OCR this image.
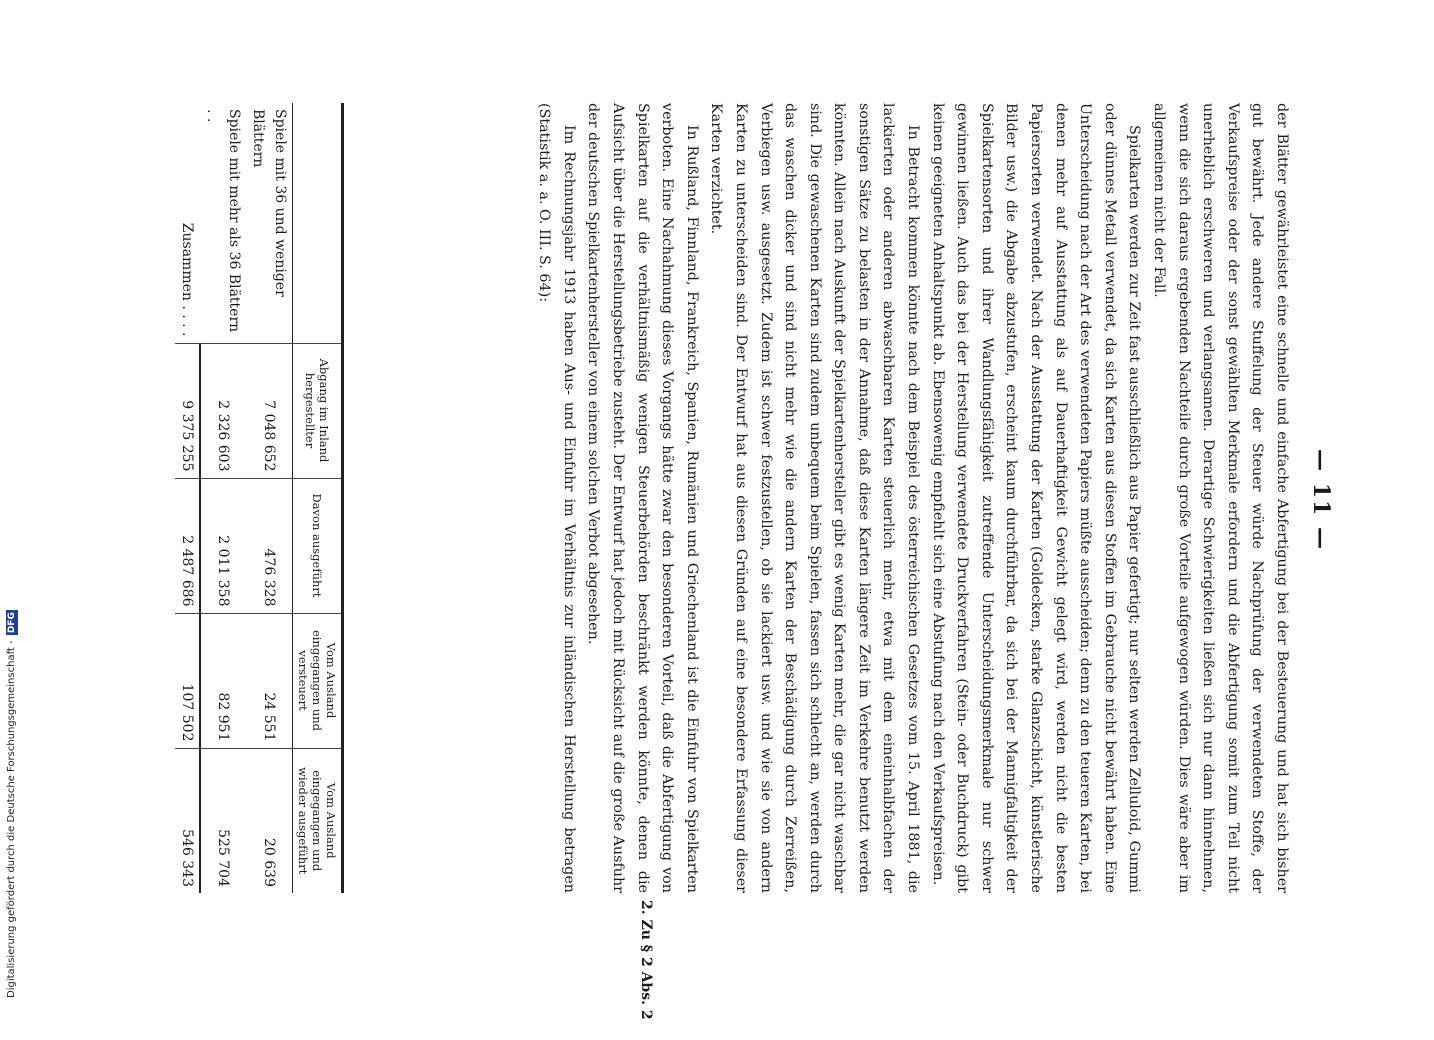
— 11 —

der Blätter gewährleistet eine schnelle und einfache Abfertigung bei der Besteuerung und hat sich bisher gut bewährt. Jede andere Stuffelung der Steuer würde Nachprüfung der verwendeten Stoffe, der Verkaufspreise oder der sonst gewählten Merkmale erfordern und die Abfertigung somit zum Teil nicht unerheblich erschweren und verlangsamen. Derartige Schwierigkeiten ließen sich nur dann hinnehmen, wenn die sich daraus ergebenden Nachteile durch große Vorteile aufgewogen würden. Dies wäre aber im allgemeinen nicht der Fall.

Spielkarten werden zur Zeit fast ausschließlich aus Papier gefertigt; nur selten werden Zelluloid, Gummi oder dünnes Metall verwendet, da sich Karten aus diesen Stoffen im Gebrauche nicht bewährt haben. Eine Unterscheidung nach der Art des verwendeten Papiers müßte ausscheiden; denn zu den teueren Karten, bei denen mehr auf Ausstattung als auf Dauerhaftigkeit Gewicht gelegt wird, werden nicht die besten Papiersorten verwendet. Nach der Ausstattung der Karten (Goldecken, starke Glanzschicht, künstlerische Bilder usw.) die Abgabe abzustufen, erscheint kaum durchführbar, da sich bei der Mannigfaltigkeit der Spielkartensorten und ihrer Wandlungsfähigkeit zutreffende Unterscheidungsmerkmale nur schwer gewinnen ließen. Auch das bei der Herstellung verwendete Druckverfahren (Stein- oder Buchdruck) gibt keinen geeigneten Anhaltspunkt ab. Ebensowenig empfiehlt sich eine Abstufung nach den Verkaufspreisen.

In Betracht kommen könnte nach dem Beispiel des österreichischen Gesetzes vom 15. April 1881, die lackierten oder anderen abwaschbaren Karten steuerlich mehr, etwa mit dem eineinhalbfachen der sonstigen Sätze zu belasten in der Annahme, daß diese Karten längere Zeit im Verkehre benutzt werden könnten. Allein nach Auskunft der Spielkartenhersteller gibt es wenig Karten mehr, die gar nicht waschbar sind. Die gewaschenen Karten sind zudem unbequem beim Spielen, fassen sich schlecht an, werden durch das waschen dicker und sind nicht mehr wie die andern Karten der Beschädigung durch Zerreißen, Verbiegen usw. ausgesetzt. Zudem ist schwer festzustellen, ob sie lackiert usw. und wie sie von andern Karten zu unterscheiden sind. Der Entwurf hat aus diesen Gründen auf eine besondere Erfassung dieser Karten verzichtet.

In Rußland, Finnland, Frankreich, Spanien, Rumänien und Griechenland ist die Einfuhr von Spielkarten verboten. Eine Nachahmung dieses Vorgangs hätte zwar den besonderen Vorteil, daß die Abfertigung von Spielkarten auf die verhältnismäßig wenigen Steuerbehörden beschränkt werden könnte, denen die Aufsicht über die Herstellungsbetriebe zusteht. Der Entwurf hat jedoch mit Rücksicht auf die große Ausfuhr der deutschen Spielkartenhersteller von einem solchen Verbot abgesehen.

Im Rechnungsjahr 1913 haben Aus- und Einfuhr im Verhältnis zur inländischen Herstellung betragen (Statistik a. a. O. III. S. 64):

2. Zu § 2 Abs. 2
	Abgang im Inland hergestellter	Davon ausgeführt	Vom Ausland eingegangen und versteuert	Vom Ausland eingegangen und wieder ausgeführt
Spiele mit 36 und weniger Blättern	7 048 652	476 328	24 551	20 639
Spiele mit mehr als 36 Blättern . .	2 326 603	2 011 358	82 951	525 704
Zusammen . . . .	9 375 255	2 487 686	107 502	546 343
Digitalisierung gefördert durch die Deutsche Forschungsgemeinschaft - DFG
